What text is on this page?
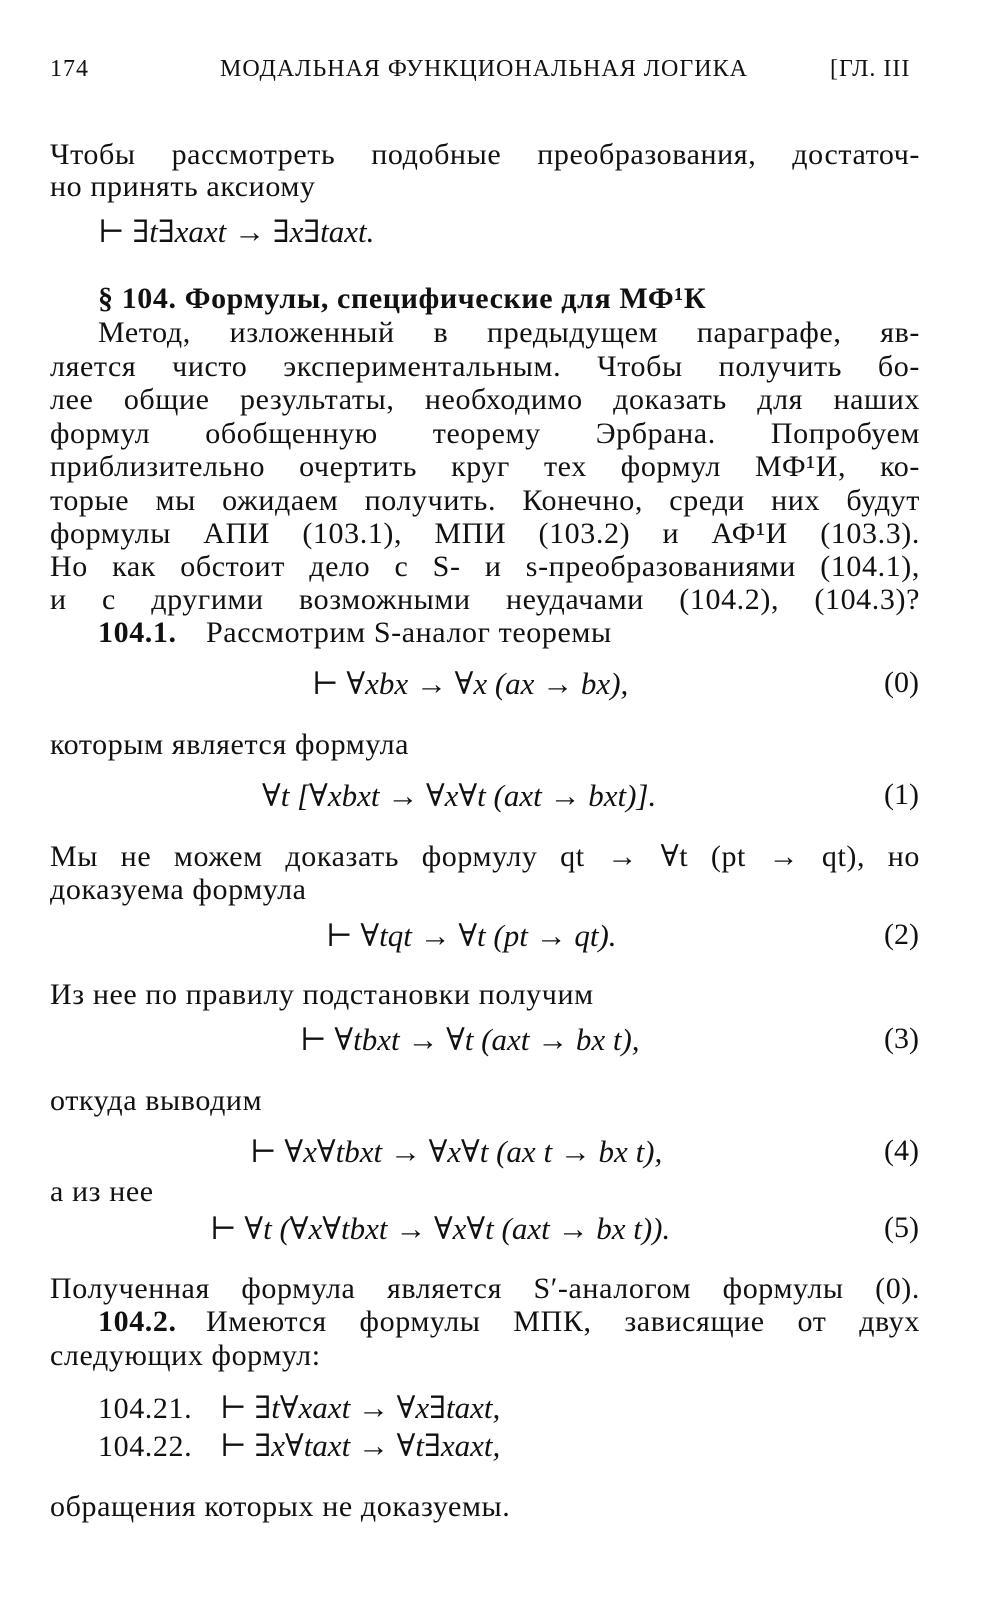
174	МОДАЛЬНАЯ ФУНКЦИОНАЛЬНАЯ ЛОГИКА	[ГЛ. III
Чтобы рассмотреть подобные преобразования, достаточ-
но принять аксиому
⊢ ∃t∃xaxt → ∃x∃taxt.
§ 104. Формулы, специфические для МФ¹К
Метод, изложенный в предыдущем параграфе, яв-
ляется чисто экспериментальным. Чтобы получить бо-
лее общие результаты, необходимо доказать для наших
формул обобщенную теорему Эрбрана. Попробуем
приблизительно очертить круг тех формул МФ¹И, ко-
торые мы ожидаем получить. Конечно, среди них будут
формулы АПИ (103.1), МПИ (103.2) и АФ¹И (103.3).
Но как обстоит дело с S- и s-преобразованиями (104.1),
и с другими возможными неудачами (104.2), (104.3)?
104.1. Рассмотрим S-аналог теоремы
⊢ ∀xbx → ∀x (ax → bx),	(0)
которым является формула
∀t [∀xbxt → ∀x∀t (axt → bxt)].	(1)
Мы не можем доказать формулу qt → ∀t (pt → qt), но
доказуема формула
⊢ ∀tqt → ∀t (pt → qt).	(2)
Из нее по правилу подстановки получим
⊢ ∀tbxt → ∀t (axt → bx t),	(3)
откуда выводим
⊢ ∀x∀tbxt → ∀x∀t (ax t → bx t),	(4)
а из нее
⊢ ∀t (∀x∀tbxt → ∀x∀t (axt → bx t)).	(5)
Полученная формула является S′-аналогом формулы (0).
104.2. Имеются формулы МПК, зависящие от двух
следующих формул:
104.21. ⊢ ∃t∀xaxt → ∀x∃taxt,
104.22. ⊢ ∃x∀taxt → ∀t∃xaxt,
обращения которых не доказуемы.
